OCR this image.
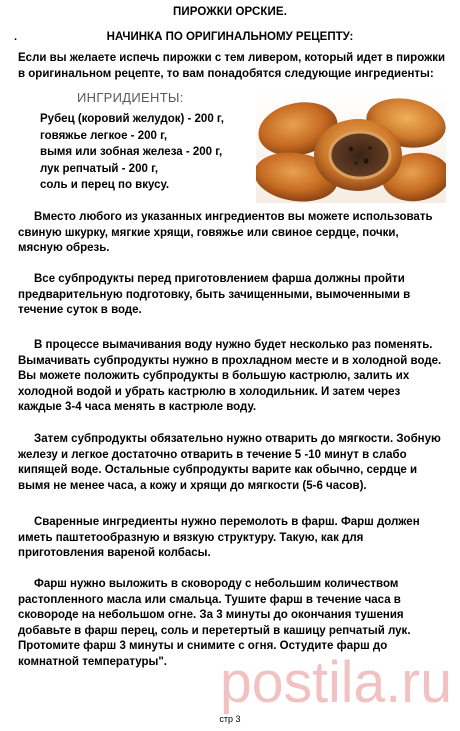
ПИРОЖКИ ОРСКИЕ.
.	НАЧИНКА ПО ОРИГИНАЛЬНОМУ РЕЦЕПТУ:
Если вы желаете испечь пирожки с тем ливером, который идет в пирожки в оригинальном рецепте, то вам понадобятся следующие ингредиенты:
ИНГРИДИЕНТЫ:
Рубец (коровий желудок) - 200 г,
говяжье легкое - 200 г,
вымя или зобная железа - 200 г,
лук репчатый - 200 г,
соль и перец по вкусу.
Вместо любого из указанных ингредиентов вы можете использовать свиную шкурку, мягкие хрящи, говяжье или свиное сердце, почки, мясную обрезь.
Все субпродукты перед приготовлением фарша должны пройти предварительную подготовку, быть зачищенными, вымоченными в течение суток в воде.
В процессе вымачивания воду нужно будет несколько раз поменять. Вымачивать субпродукты нужно в прохладном месте и в холодной воде. Вы можете положить субпродукты в большую кастрюлю, залить их холодной водой и убрать кастрюлю в холодильник. И затем через каждые 3-4 часа менять в кастрюле воду.
Затем субпродукты обязательно нужно отварить до мягкости. Зобную железу и легкое достаточно отварить в течение 5 -10 минут в слабо кипящей воде. Остальные субпродукты варите как обычно, сердце и вымя не менее часа, а кожу и хрящи до мягкости (5-6 часов).
Сваренные ингредиенты нужно перемолоть в фарш. Фарш должен иметь паштетообразную и вязкую структуру. Такую, как для приготовления вареной колбасы.
Фарш нужно выложить в сковороду с небольшим количеством растопленного масла или смальца. Тушите фарш в течение часа в сковороде на небольшом огне. За 3 минуты до окончания тушения добавьте в фарш перец, соль и перетертый в кашицу репчатый лук. Протомите фарш 3 минуты и снимите с огня. Остудите фарш до комнатной температуры". postila.ru
стр 3
